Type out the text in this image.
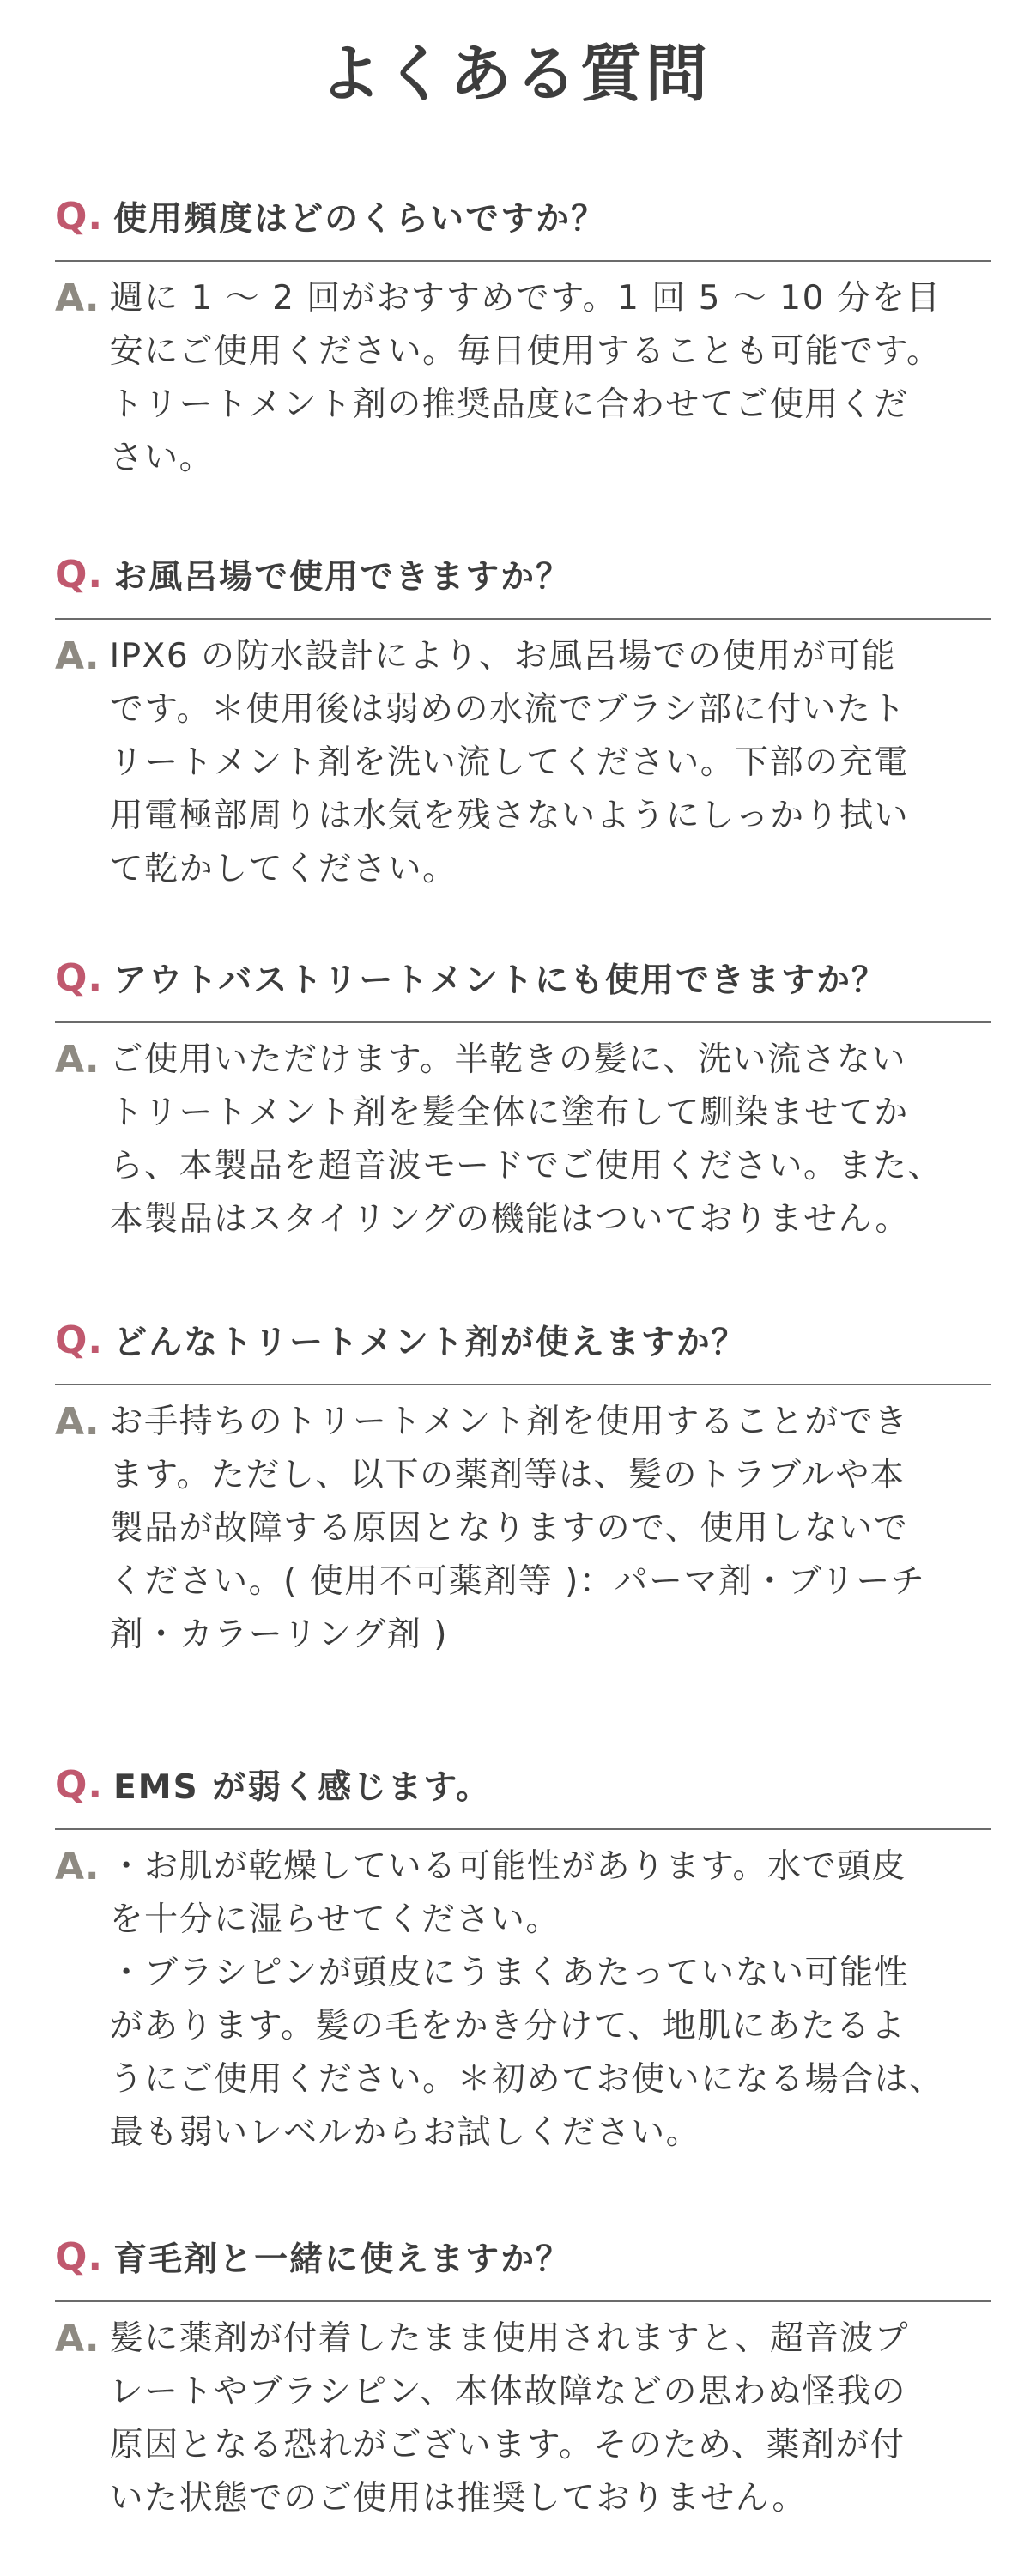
よくある質問
Q. 使用頻度はどのくらいですか？
A. 週に 1 ～ 2 回がおすすめです。1 回 5 ～ 10 分を目
安にご使用ください。毎日使用することも可能です。
トリートメント剤の推奨品度に合わせてご使用くだ
さい。
Q. お風呂場で使用できますか？
A. IPX6 の防水設計により、お風呂場での使用が可能
です。＊使用後は弱めの水流でブラシ部に付いたト
リートメント剤を洗い流してください。下部の充電
用電極部周りは水気を残さないようにしっかり拭い
て乾かしてください。
Q. アウトバストリートメントにも使用できますか？
A. ご使用いただけます。半乾きの髪に、洗い流さない
トリートメント剤を髪全体に塗布して馴染ませてか
ら、本製品を超音波モードでご使用ください。また、
本製品はスタイリングの機能はついておりません。
Q. どんなトリートメント剤が使えますか？
A. お手持ちのトリートメント剤を使用することができ
ます。ただし、以下の薬剤等は、髪のトラブルや本
製品が故障する原因となりますので、使用しないで
ください。( 使用不可薬剤等 )：パーマ剤・ブリーチ
剤・カラーリング剤 )
Q. EMS が弱く感じます。
A. ・お肌が乾燥している可能性があります。水で頭皮
を十分に湿らせてください。
・ブラシピンが頭皮にうまくあたっていない可能性
があります。髪の毛をかき分けて、地肌にあたるよ
うにご使用ください。＊初めてお使いになる場合は、
最も弱いレベルからお試しください。
Q. 育毛剤と一緒に使えますか？
A. 髪に薬剤が付着したまま使用されますと、超音波プ
レートやブラシピン、本体故障などの思わぬ怪我の
原因となる恐れがございます。そのため、薬剤が付
いた状態でのご使用は推奨しておりません。
